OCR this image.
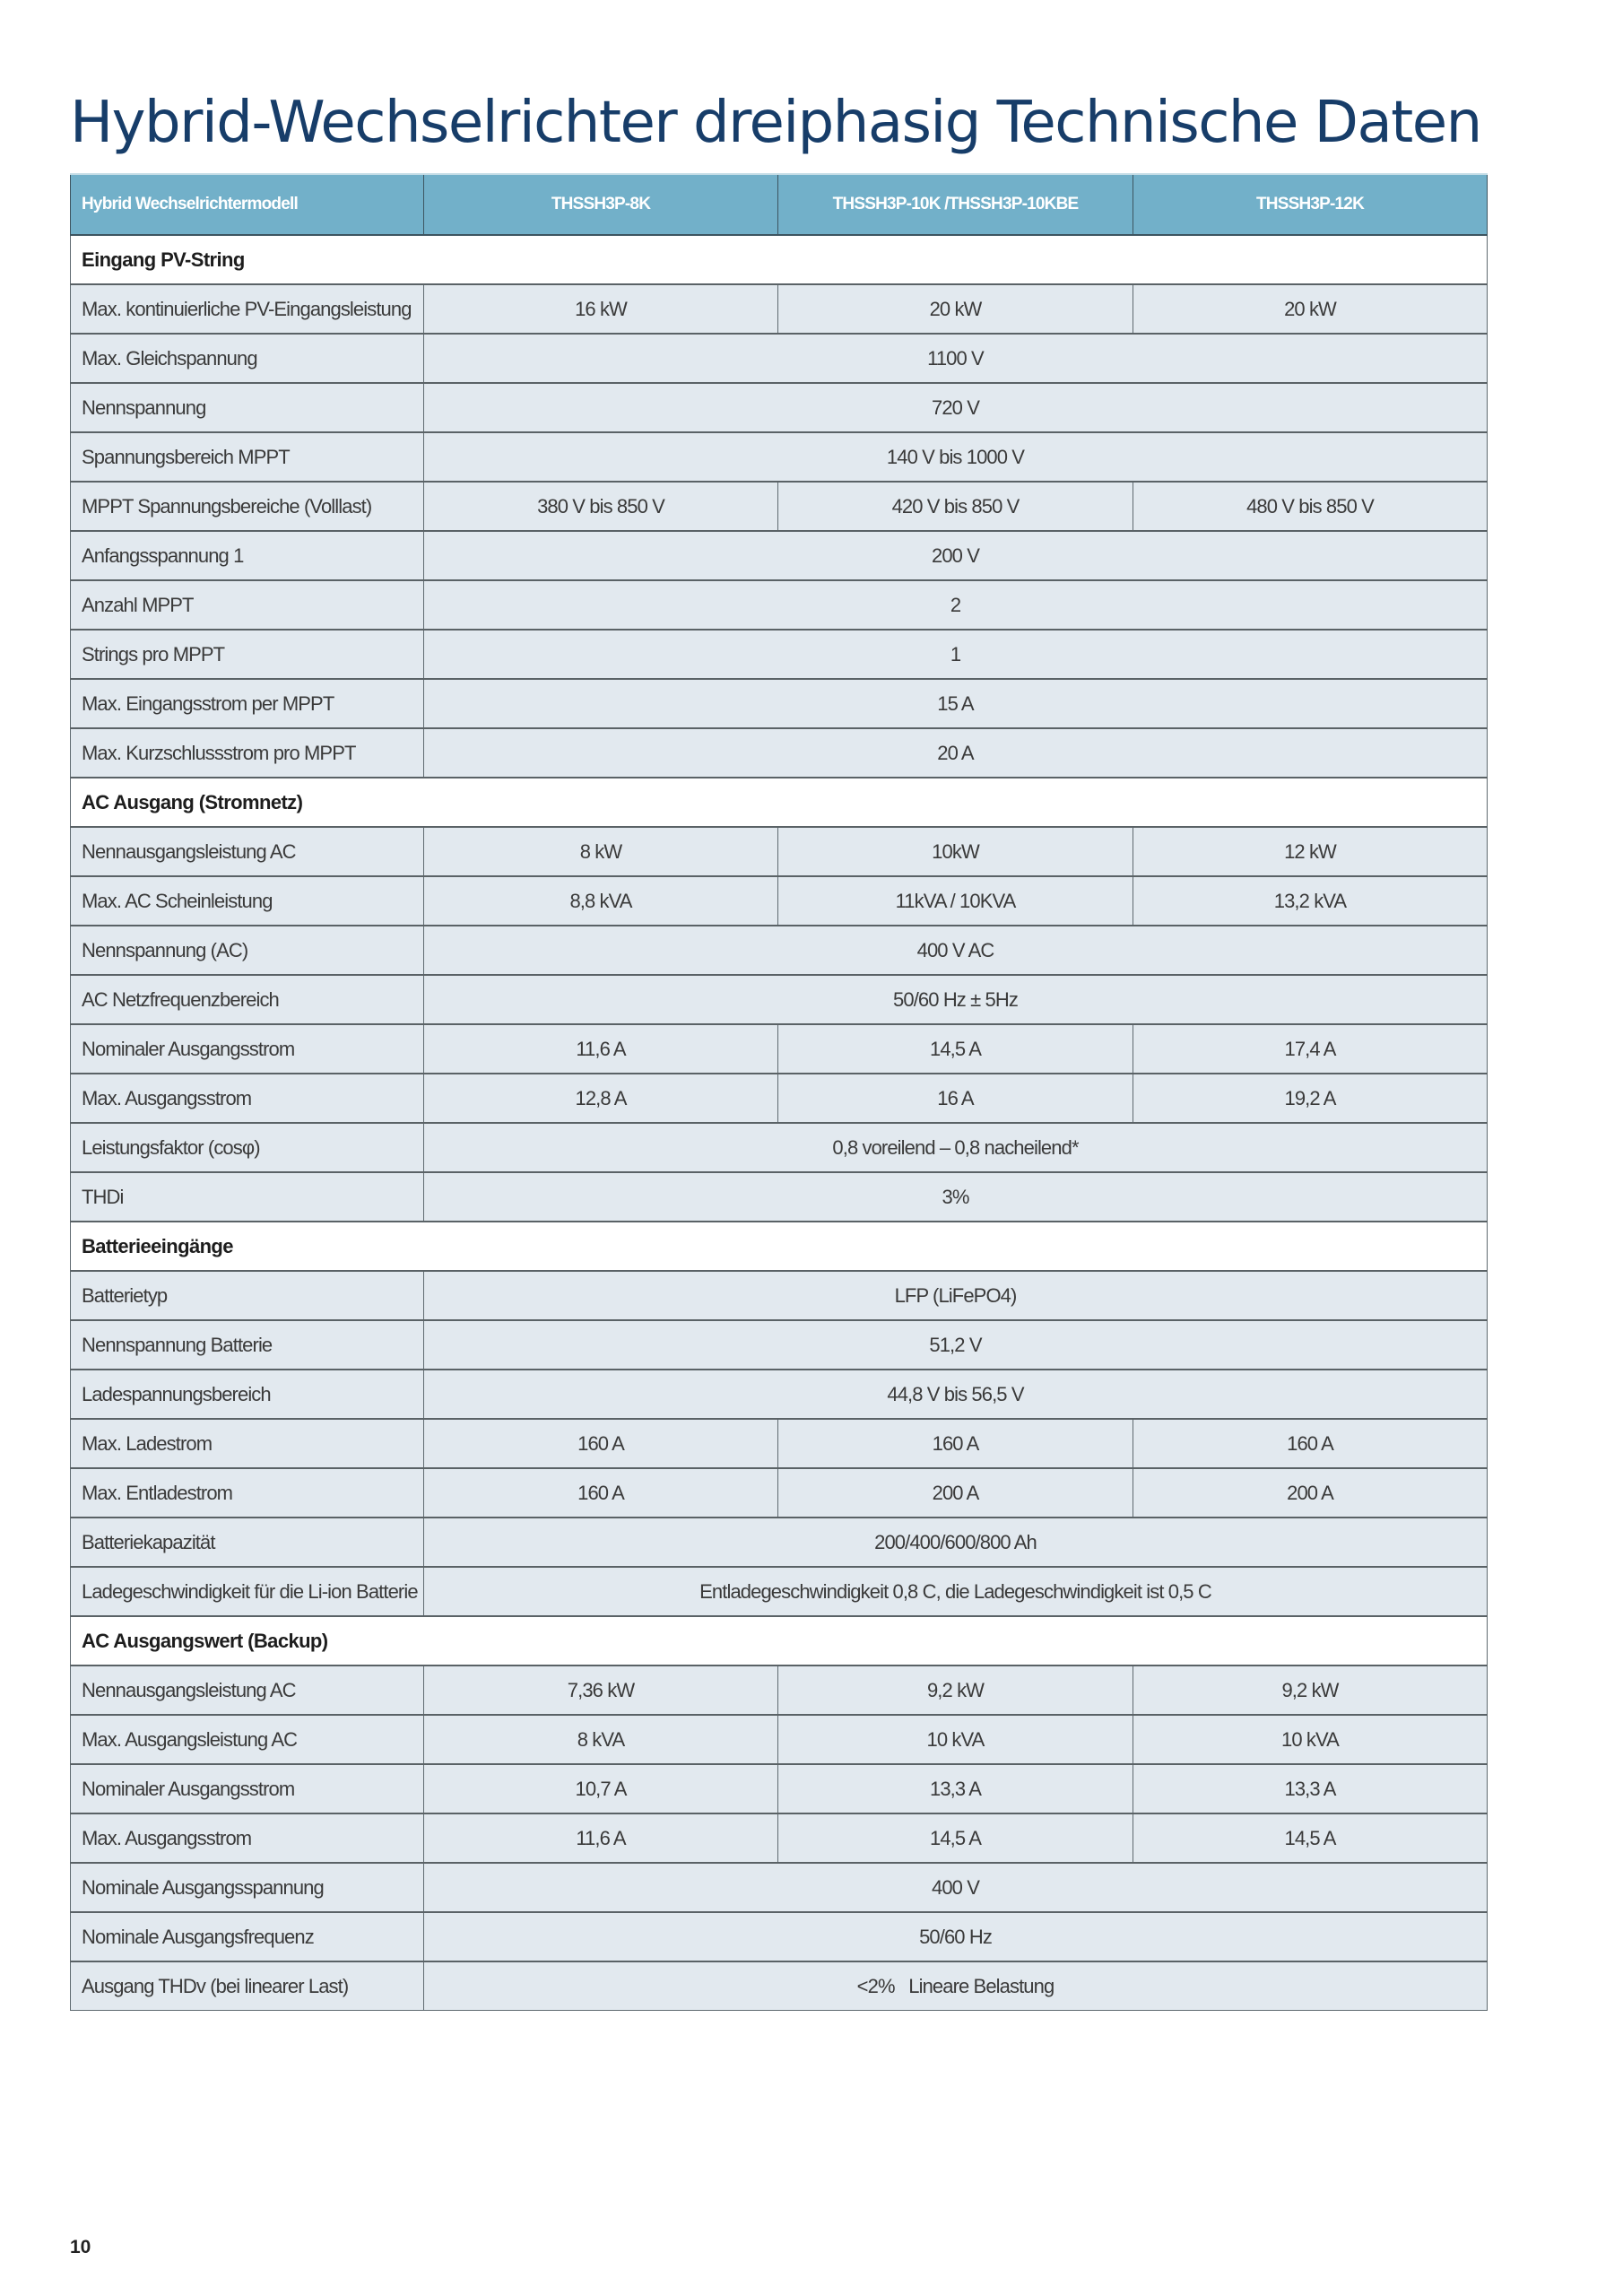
Hybrid-Wechselrichter dreiphasig Technische Daten
Hybrid Wechselrichtermodell	THSSH3P-8K	THSSH3P-10K /THSSH3P-10KBE	THSSH3P-12K
Eingang PV-String			
Max. kontinuierliche PV-Eingangsleistung	16 kW	20 kW	20 kW
Max. Gleichspannung	1100 V		
Nennspannung	720 V		
Spannungsbereich MPPT	140 V bis 1000 V		
MPPT Spannungsbereiche (Volllast)	380 V bis 850 V	420 V bis 850 V	480 V bis 850 V
Anfangsspannung 1	200 V		
Anzahl MPPT	2		
Strings pro MPPT	1		
Max. Eingangsstrom per MPPT	15 A		
Max. Kurzschlussstrom pro MPPT	20 A		
AC Ausgang (Stromnetz)			
Nennausgangsleistung AC	8 kW	10kW	12 kW
Max. AC Scheinleistung	8,8 kVA	11kVA / 10KVA	13,2 kVA
Nennspannung (AC)	400 V AC		
AC Netzfrequenzbereich	50/60 Hz ± 5Hz		
Nominaler Ausgangsstrom	11,6 A	14,5 A	17,4 A
Max. Ausgangsstrom	12,8 A	16 A	19,2 A
Leistungsfaktor (cosφ)	0,8 voreilend – 0,8 nacheilend*		
THDi	3%		
Batterieeingänge			
Batterietyp	LFP (LiFePO4)		
Nennspannung Batterie	51,2 V		
Ladespannungsbereich	44,8 V bis 56,5 V		
Max. Ladestrom	160 A	160 A	160 A
Max. Entladestrom	160 A	200 A	200 A
Batteriekapazität	200/400/600/800 Ah		
Ladegeschwindigkeit für die Li-ion Batterie	Entladegeschwindigkeit 0,8 C, die Ladegeschwindigkeit ist 0,5 C		
AC Ausgangswert (Backup)			
Nennausgangsleistung AC	7,36 kW	9,2 kW	9,2 kW
Max. Ausgangsleistung AC	8 kVA	10 kVA	10 kVA
Nominaler Ausgangsstrom	10,7 A	13,3 A	13,3 A
Max. Ausgangsstrom	11,6 A	14,5 A	14,5 A
Nominale Ausgangsspannung	400 V		
Nominale Ausgangsfrequenz	50/60 Hz		
Ausgang THDv (bei linearer Last)	<2%   Lineare Belastung		
10
